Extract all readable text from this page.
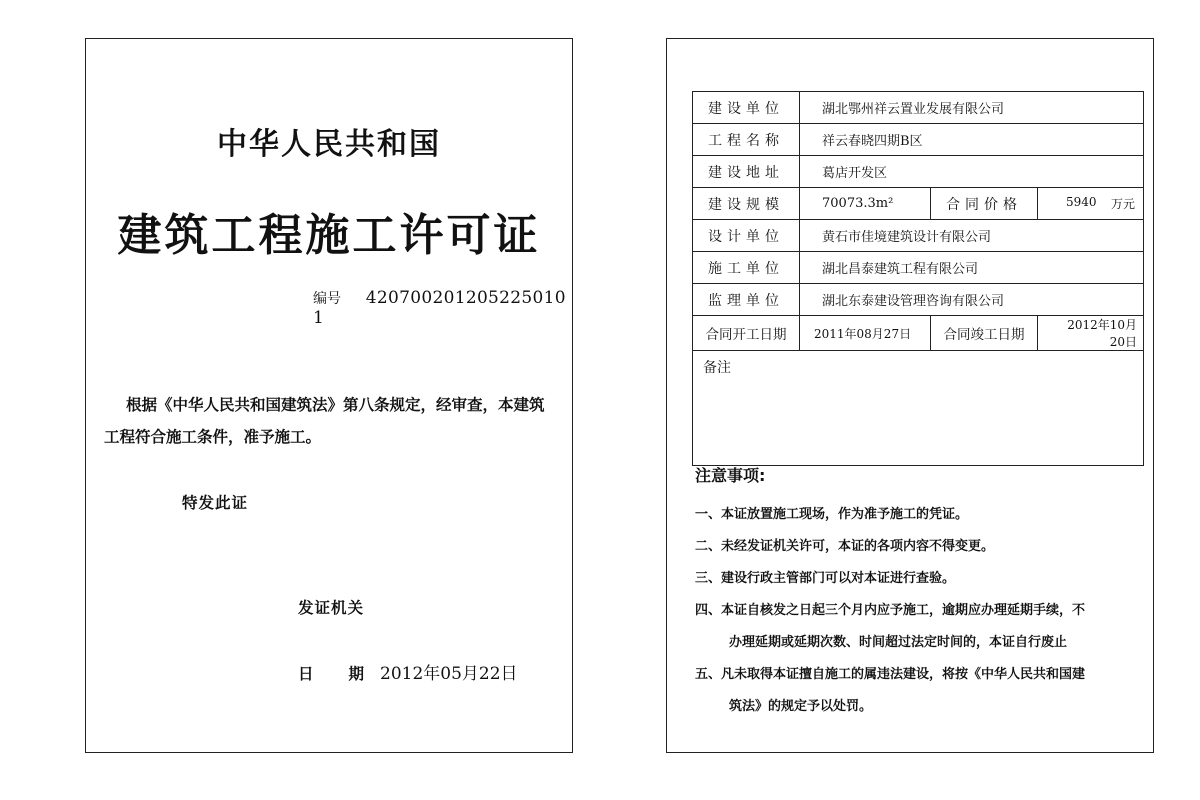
中华人民共和国
建筑工程施工许可证
编号 420700201205225010 1
根据《中华人民共和国建筑法》第八条规定，经审查，本建筑工程符合施工条件，准予施工。
特发此证
发证机关
日 期 2012年05月22日
建设单位	湖北鄂州祥云置业发展有限公司		
工程名称	祥云春晓四期B区		
建设地址	葛店开发区		
建设规模	70073.3m²	合同价格	5940 万元

设计单位	黄石市佳境建筑设计有限公司		
施工单位	湖北昌泰建筑工程有限公司		
监理单位	湖北东泰建设管理咨询有限公司		
合同开工日期	2011年08月27日	合同竣工日期	2012年10月20日
备注			
注意事项:
一、本证放置施工现场，作为准予施工的凭证。
二、未经发证机关许可，本证的各项内容不得变更。
三、建设行政主管部门可以对本证进行查验。
四、本证自核发之日起三个月内应予施工，逾期应办理延期手续，不
办理延期或延期次数、时间超过法定时间的，本证自行废止
五、凡未取得本证擅自施工的属违法建设，将按《中华人民共和国建
筑法》的规定予以处罚。
